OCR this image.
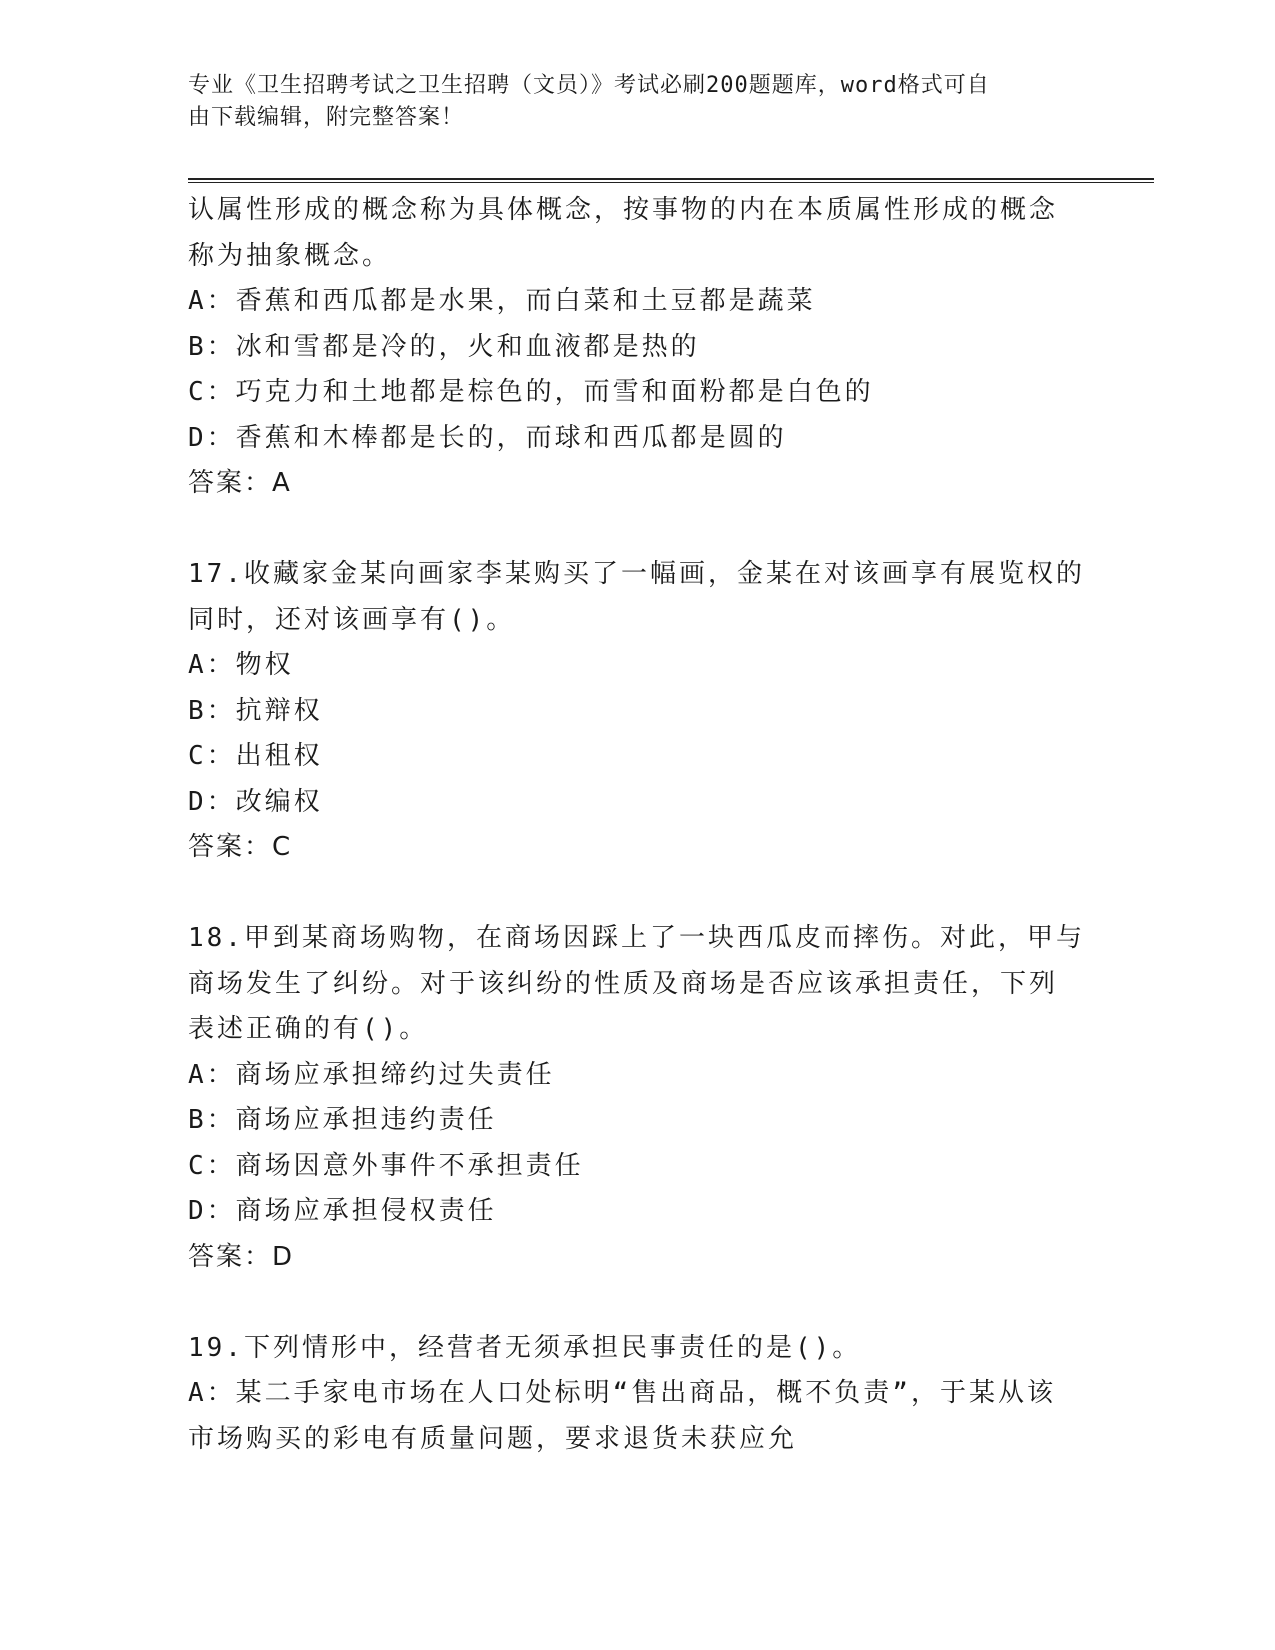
专业《卫生招聘考试之卫生招聘（文员）》考试必刷200题题库，word格式可自
由下载编辑，附完整答案！
认属性形成的概念称为具体概念，按事物的内在本质属性形成的概念
称为抽象概念。
A：香蕉和西瓜都是水果，而白菜和土豆都是蔬菜
B：冰和雪都是冷的，火和血液都是热的
C：巧克力和土地都是棕色的，而雪和面粉都是白色的
D：香蕉和木棒都是长的，而球和西瓜都是圆的
答案：A
17.收藏家金某向画家李某购买了一幅画，金某在对该画享有展览权的
同时，还对该画享有()。
A：物权
B：抗辩权
C：出租权
D：改编权
答案：C
18.甲到某商场购物，在商场因踩上了一块西瓜皮而摔伤。对此，甲与
商场发生了纠纷。对于该纠纷的性质及商场是否应该承担责任，下列
表述正确的有()。
A：商场应承担缔约过失责任
B：商场应承担违约责任
C：商场因意外事件不承担责任
D：商场应承担侵权责任
答案：D
19.下列情形中，经营者无须承担民事责任的是()。
A：某二手家电市场在人口处标明“售出商品，概不负责”，于某从该
市场购买的彩电有质量问题，要求退货未获应允
